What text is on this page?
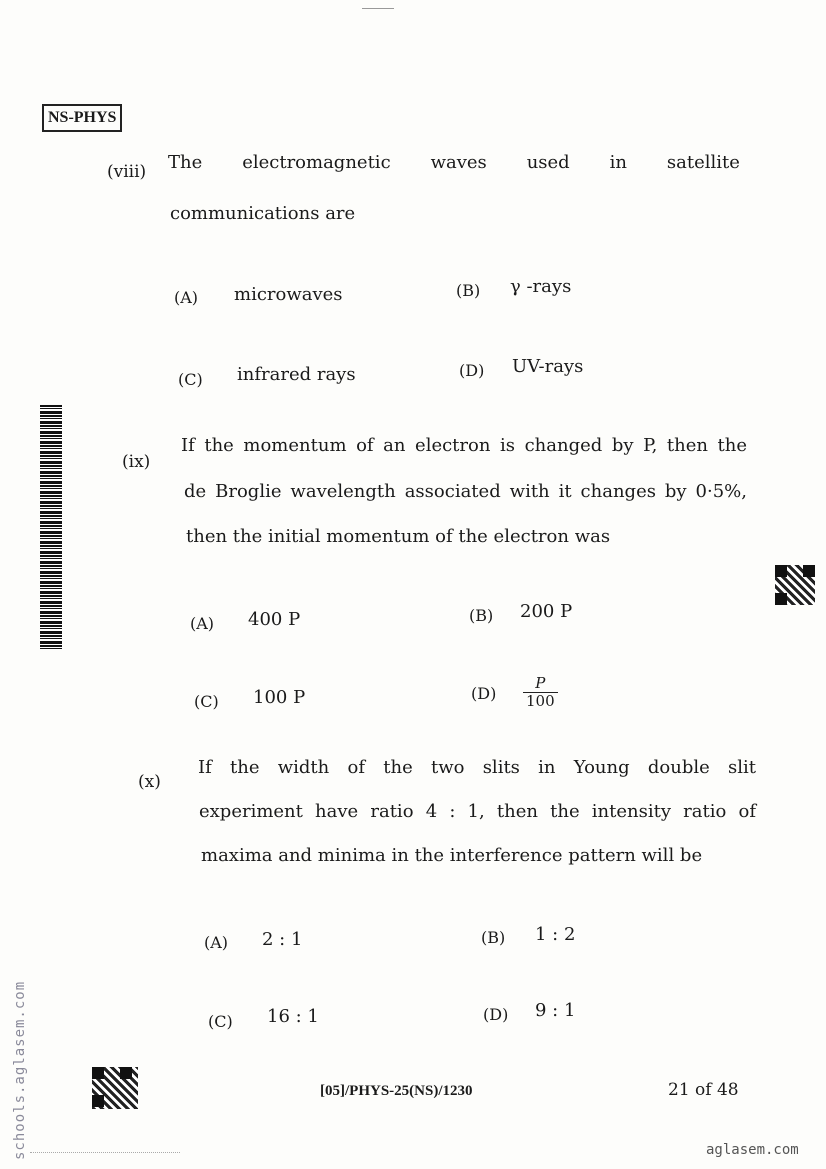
NS-PHYS
(viii) The electromagnetic waves used in satellite
communications are
(A) microwaves	(B) γ -rays
(C) infrared rays	(D) UV-rays
(ix)
If the momentum of an electron is changed by P, then the
de Broglie wavelength associated with it changes by 0·5%,
then the initial momentum of the electron was
(A) 400 P	(B) 200 P
(C) 100 P	$(D) \frac{P}{100}$
(x)
If the width of the two slits in Young double slit
experiment have ratio 4 : 1, then the intensity ratio of
maxima and minima in the interference pattern will be
(A) 2 : 1	(B) 1 : 2
(C) 16 : 1	(D) 9 : 1
schools.aglasem.com	[05]/PHYS-25(NS)/1230	21 of 48
aglasem.com
